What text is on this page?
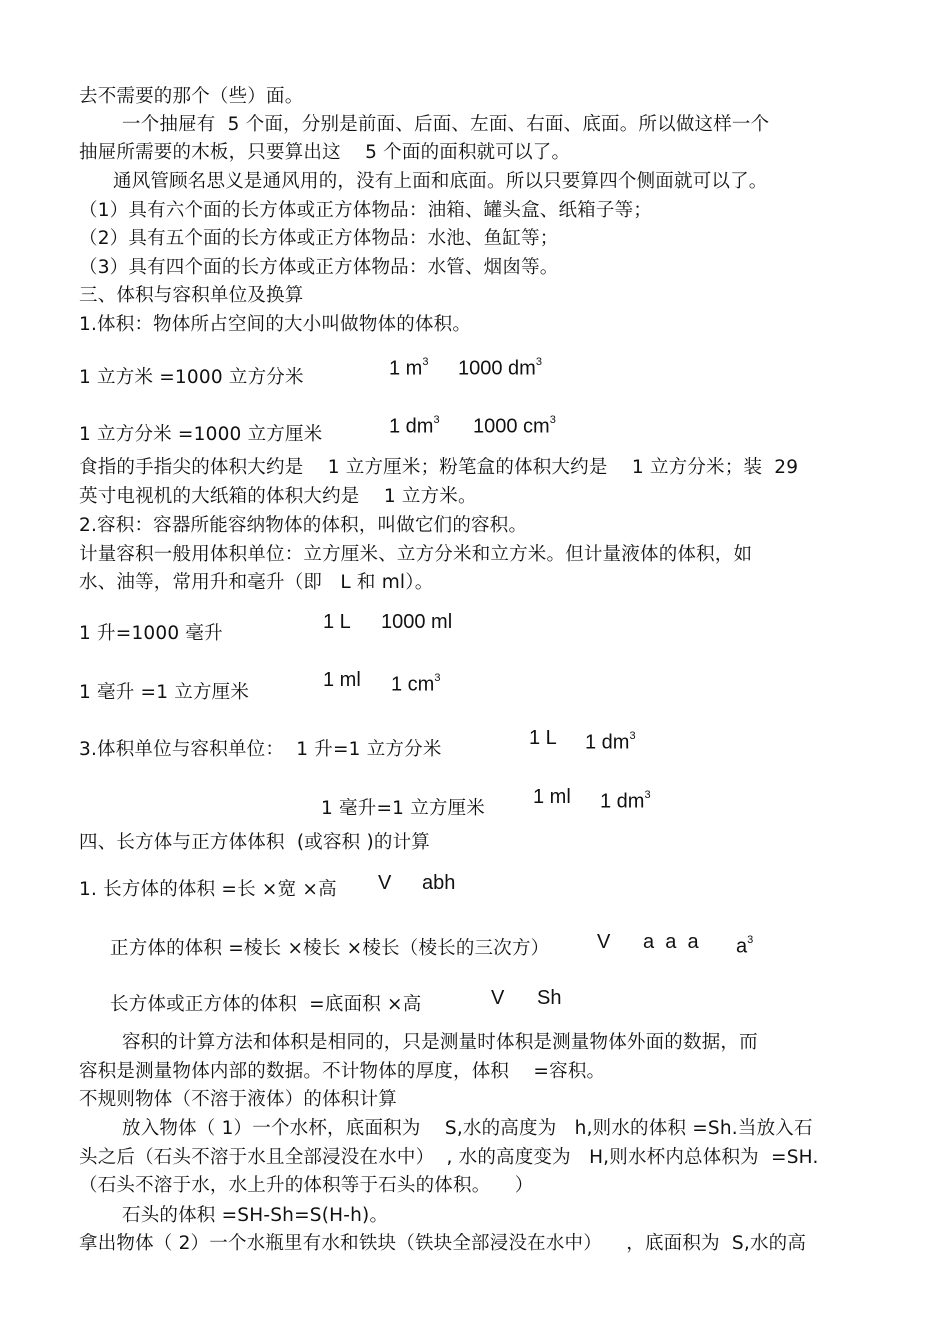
去不需要的那个（些）面。
一个抽屉有  5 个面，分别是前面、后面、左面、右面、底面。所以做这样一个
抽屉所需要的木板，只要算出这    5 个面的面积就可以了。
通风管顾名思义是通风用的，没有上面和底面。所以只要算四个侧面就可以了。
（1）具有六个面的长方体或正方体物品：油箱、罐头盒、纸箱子等；
（2）具有五个面的长方体或正方体物品：水池、鱼缸等；
（3）具有四个面的长方体或正方体物品：水管、烟囱等。
三、体积与容积单位及换算
1.体积：物体所占空间的大小叫做物体的体积。
1 立方米 =1000 立方分米	1 $m^3$ 1000 $dm^3$
1 立方分米 =1000 立方厘米	1 $dm^3$ 1000 $cm^3$
食指的手指尖的体积大约是    1 立方厘米；粉笔盒的体积大约是    1 立方分米；装  29
英寸电视机的大纸箱的体积大约是    1 立方米。
2.容积：容器所能容纳物体的体积，叫做它们的容积。
计量容积一般用体积单位：立方厘米、立方分米和立方米。但计量液体的体积，如
水、油等，常用升和毫升（即   L 和 ml）。
1 升=1000 毫升
1 L 1000 ml
1 毫升 =1 立方厘米
1 ml 1 $cm^3$
3.体积单位与容积单位：  1 升=1 立方分米
1 L 1 $dm^3$
1 毫升=1 立方厘米
1 ml 1 $dm^3$
四、长方体与正方体体积  (或容积 )的计算
1. 长方体的体积 =长 ×宽 ×高 V abh
正方体的体积 =棱长 ×棱长 ×棱长（棱长的三次方） V a  a  a $a^3$
长方体或正方体的体积  =底面积 ×高	V Sh
容积的计算方法和体积是相同的，只是测量时体积是测量物体外面的数据，而
容积是测量物体内部的数据。不计物体的厚度，体积    =容积。
不规则物体（不溶于液体）的体积计算
放入物体（ 1）一个水杯，底面积为    S,水的高度为   h,则水的体积 =Sh.当放入石
头之后（石头不溶于水且全部浸没在水中）  , 水的高度变为   H,则水杯内总体积为  =SH.
（石头不溶于水，水上升的体积等于石头的体积。    ）
石头的体积 =SH-Sh=S(H-h)。
拿出物体（ 2）一个水瓶里有水和铁块（铁块全部浸没在水中）    ，底面积为  S,水的高
